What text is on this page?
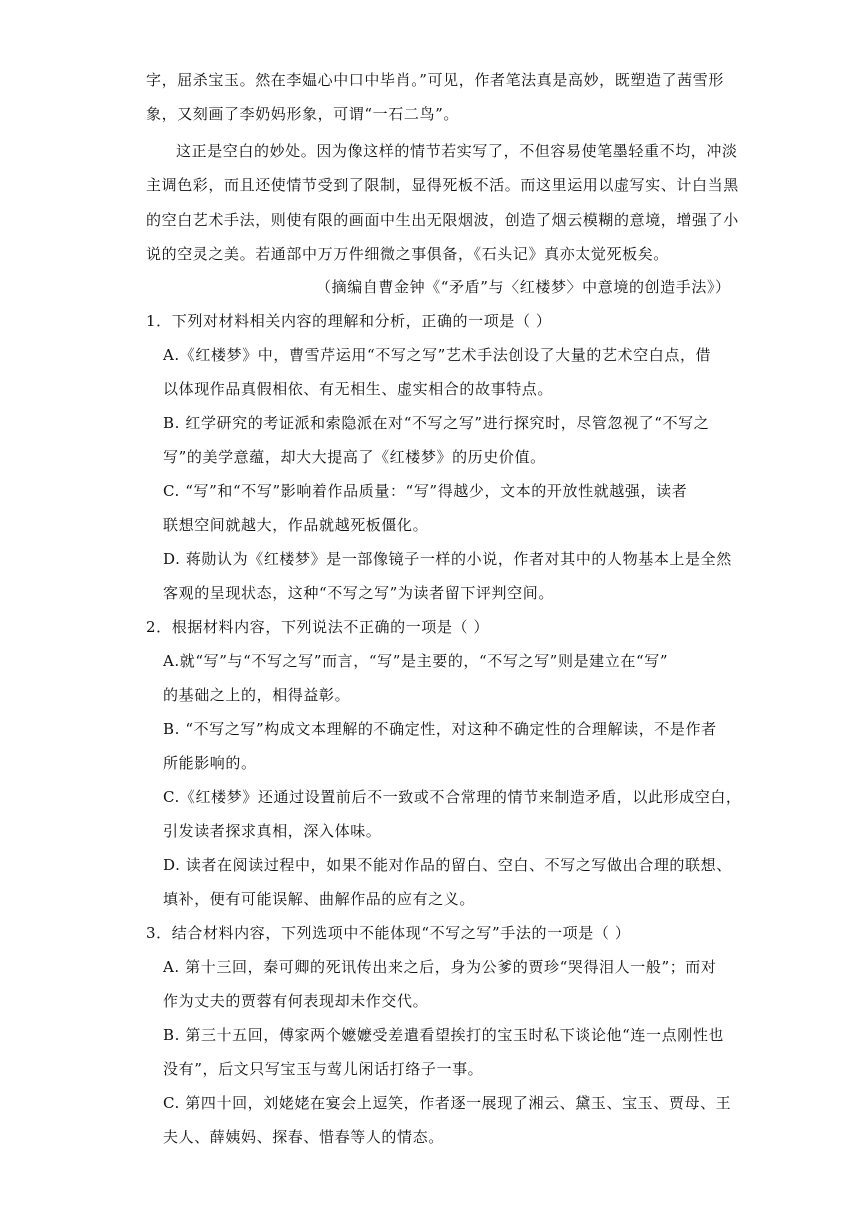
字，屈杀宝玉。然在李媪心中口中毕肖。”可见，作者笔法真是高妙，既塑造了茜雪形
象，又刻画了李奶妈形象，可谓“一石二鸟”。
这正是空白的妙处。因为像这样的情节若实写了，不但容易使笔墨轻重不均，冲淡
主调色彩，而且还使情节受到了限制，显得死板不活。而这里运用以虚写实、计白当黑
的空白艺术手法，则使有限的画面中生出无限烟波，创造了烟云模糊的意境，增强了小
说的空灵之美。若通部中万万件细微之事俱备，《石头记》真亦太觉死板矣。
（摘编自曹金钟《“矛盾”与〈红楼梦〉中意境的创造手法》）
1．下列对材料相关内容的理解和分析，正确的一项是（ ）
A.《红楼梦》中，曹雪芹运用“不写之写”艺术手法创设了大量的艺术空白点，借
以体现作品真假相依、有无相生、虚实相合的故事特点。
B. 红学研究的考证派和索隐派在对“不写之写”进行探究时，尽管忽视了“不写之
写”的美学意蕴，却大大提高了《红楼梦》的历史价值。
C. “写”和“不写”影响着作品质量：“写”得越少，文本的开放性就越强，读者
联想空间就越大，作品就越死板僵化。
D. 蒋勋认为《红楼梦》是一部像镜子一样的小说，作者对其中的人物基本上是全然
客观的呈现状态，这种“不写之写”为读者留下评判空间。
2．根据材料内容，下列说法不正确的一项是（ ）
A.就“写”与“不写之写”而言，“写”是主要的，“不写之写”则是建立在“写”
的基础之上的，相得益彰。
B. “不写之写”构成文本理解的不确定性，对这种不确定性的合理解读，不是作者
所能影响的。
C.《红楼梦》还通过设置前后不一致或不合常理的情节来制造矛盾，以此形成空白，
引发读者探求真相，深入体味。
D. 读者在阅读过程中，如果不能对作品的留白、空白、不写之写做出合理的联想、
填补，便有可能误解、曲解作品的应有之义。
3．结合材料内容，下列选项中不能体现“不写之写”手法的一项是（ ）
A. 第十三回，秦可卿的死讯传出来之后，身为公爹的贾珍“哭得泪人一般”；而对
作为丈夫的贾蓉有何表现却未作交代。
B. 第三十五回，傅家两个嬷嬷受差遣看望挨打的宝玉时私下谈论他“连一点刚性也
没有”，后文只写宝玉与莺儿闲话打络子一事。
C. 第四十回，刘姥姥在宴会上逗笑，作者逐一展现了湘云、黛玉、宝玉、贾母、王
夫人、薛姨妈、探春、惜春等人的情态。
